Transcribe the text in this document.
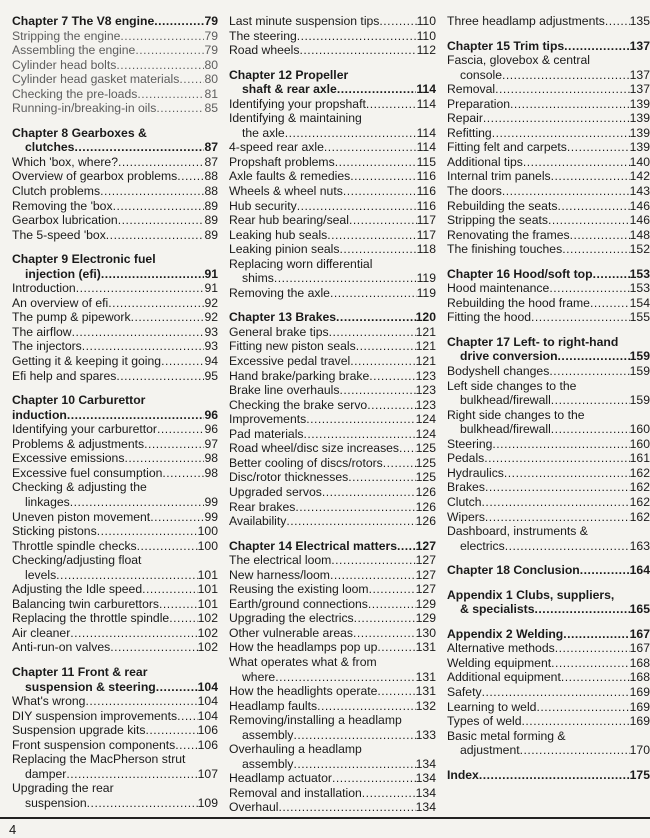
Chapter 7 The V8 engine .....	79
Stripping the engine .....	79
Assembling the engine .....	79
Cylinder head bolts .....	80
Cylinder head gasket materials ..... 80
Checking the pre-loads .....	81
Running-in/breaking-in oils .....	85
Chapter 8 Gearboxes &
clutches .....	87
Which 'box, where? .....	87
Overview of gearbox problems ..... 88
Clutch problems .....	88
Removing the 'box .....	89
Gearbox lubrication .....	89
The 5-speed 'box .....	89
Chapter 9 Electronic fuel
injection (efi) .....	91
Introduction .....	91
An overview of efi .....	92
The pump & pipework .....	92
The airflow .....	93
The injectors .....	93
Getting it & keeping it going .....	94
Efi help and spares .....	95
Chapter 10 Carburettor
induction .....	96
Identifying your carburettor .....	96
Problems & adjustments .....	97
Excessive emissions .....	98
Excessive fuel consumption .....	98
Checking & adjusting the
linkages .....	99
Uneven piston movement .....	99
Sticking pistons .....	100
Throttle spindle checks .....	100
Checking/adjusting float
levels .....	101
Adjusting the Idle speed .....	101
Balancing twin carburettors .....	101
Replacing the throttle spindle ..... 102
Air cleaner .....	102
Anti-run-on valves .....	102
Chapter 11 Front & rear
suspension & steering .....	104
What's wrong .....	104
DIY suspension improvements ..... 104
Suspension upgrade kits .....	106
Front suspension components ..... 106
Replacing the MacPherson strut
damper .....	107
Upgrading the rear
suspension .....	109
Last minute suspension tips .....	110
The steering .....	110
Road wheels .....	112
Chapter 12 Propeller
shaft & rear axle .....	114
Identifying your propshaft .....	114
Identifying & maintaining
the axle .....	114
4-speed rear axle .....	114
Propshaft problems .....	115
Axle faults & remedies .....	116
Wheels & wheel nuts .....	116
Hub security .....	116
Rear hub bearing/seal .....	117
Leaking hub seals .....	117
Leaking pinion seals .....	118
Replacing worn differential
shims .....	119
Removing the axle .....	119
Chapter 13 Brakes .....	120
General brake tips .....	121
Fitting new piston seals .....	121
Excessive pedal travel .....	121
Hand brake/parking brake .....	123
Brake line overhauls .....	123
Checking the brake servo .....	123
Improvements .....	124
Pad materials .....	124
Road wheel/disc size increases ..... 125
Better cooling of discs/rotors .....	125
Disc/rotor thicknesses .....	125
Upgraded servos .....	126
Rear brakes .....	126
Availability .....	126
Chapter 14 Electrical matters ..... 127
The electrical loom .....	127
New harness/loom .....	127
Reusing the existing loom .....	127
Earth/ground connections .....	129
Upgrading the electrics .....	129
Other vulnerable areas .....	130
How the headlamps pop up .....	131
What operates what & from
where .....	131
How the headlights operate .....	131
Headlamp faults .....	132
Removing/installing a headlamp
assembly .....	133
Overhauling a headlamp
assembly .....	134
Headlamp actuator .....	134
Removal and installation .....	134
Overhaul .....	134
Three headlamp adjustments ..... 135
Chapter 15 Trim tips .....	137
Fascia, glovebox & central
console .....	137
Removal .....	137
Preparation .....	139
Repair .....	139
Refitting .....	139
Fitting felt and carpets .....	139
Additional tips .....	140
Internal trim panels .....	142
The doors .....	143
Rebuilding the seats .....	146
Stripping the seats .....	146
Renovating the frames .....	148
The finishing touches .....	152
Chapter 16 Hood/soft top .....	153
Hood maintenance .....	153
Rebuilding the hood frame .....	154
Fitting the hood .....	155
Chapter 17 Left- to right-hand
drive conversion .....	159
Bodyshell changes .....	159
Left side changes to the
bulkhead/firewall .....	159
Right side changes to the
bulkhead/firewall .....	160
Steering .....	160
Pedals .....	161
Hydraulics .....	162
Brakes .....	162
Clutch .....	162
Wipers .....	162
Dashboard, instruments &
electrics .....	163
Chapter 18 Conclusion .....	164
Appendix 1 Clubs, suppliers,
& specialists .....	165
Appendix 2 Welding .....	167
Alternative methods .....	167
Welding equipment .....	168
Additional equipment .....	168
Safety .....	169
Learning to weld .....	169
Types of weld .....	169
Basic metal forming &
adjustment .....	170
Index .....	175
4
